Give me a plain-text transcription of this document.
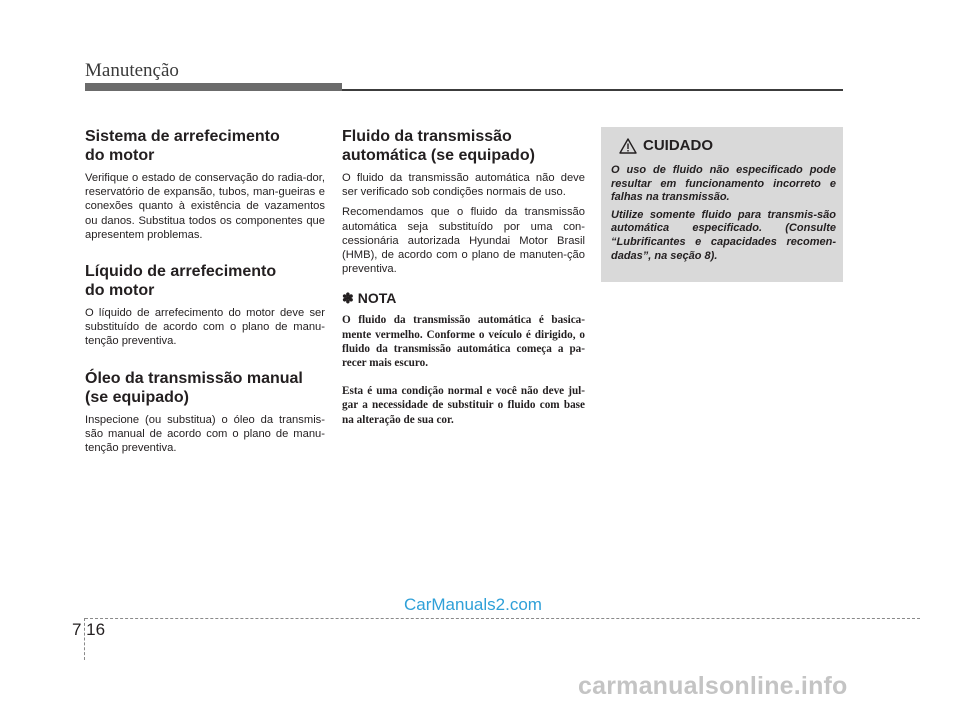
Manutenção
Sistema de arrefecimento
do motor

Verifique o estado de conservação do radia-dor, reservatório de expansão, tubos, man-gueiras e conexões quanto à existência de vazamentos ou danos. Substitua todos os componentes que apresentem problemas.

Líquido de arrefecimento
do motor

O líquido de arrefecimento do motor deve ser substituído de acordo com o plano de manu-tenção preventiva.

Óleo da transmissão manual
(se equipado)

Inspecione (ou substitua) o óleo da transmis-são manual de acordo com o plano de manu-tenção preventiva.

Fluido da transmissão
automática (se equipado)

O fluido da transmissão automática não deve ser verificado sob condições normais de uso.

Recomendamos que o fluido da transmissão automática seja substituído por uma con-cessionária autorizada Hyundai Motor Brasil (HMB), de acordo com o plano de manuten-ção preventiva.

✽ NOTA

O fluido da transmissão automática é basica-mente vermelho. Conforme o veículo é dirigido, o fluido da transmissão automática começa a pa-recer mais escuro.

Esta é uma condição normal e você não deve jul-gar a necessidade de substituir o fluido com base na alteração de sua cor.

CUIDADO

O uso de fluido não especificado pode resultar em funcionamento incorreto e falhas na transmissão.

Utilize somente fluido para transmis-são automática especificado. (Consulte “Lubrificantes e capacidades recomen-dadas”, na seção 8).

7 16
CarManuals2.com
carmanualsonline.info
